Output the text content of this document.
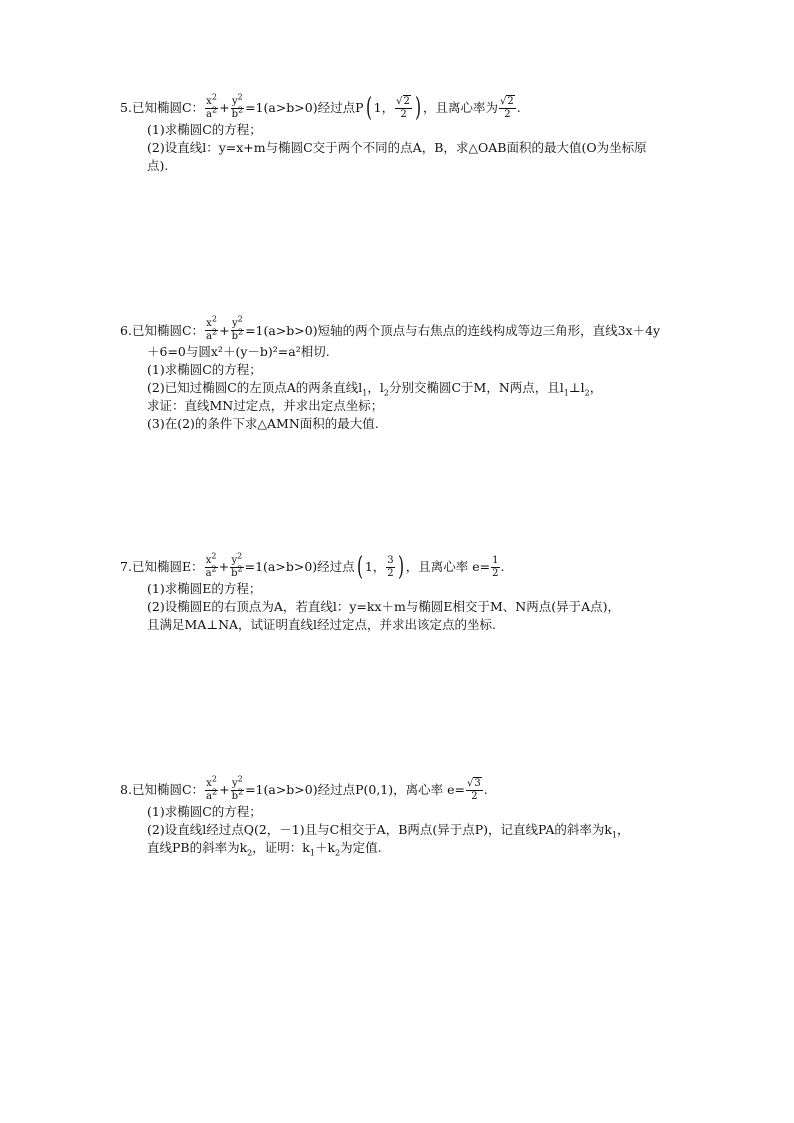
5. 已知椭圆C： $\frac{x^2}{a^2} + \frac{y^2}{b^2} =1(a>b>0)$经过点P ( 1， $\frac{√2}{2}$ ) ，且离心率为 $\frac{√2}{2}$ .
(1)求椭圆C的方程；
(2)设直线l：y=x+m与椭圆C交于两个不同的点A，B，求△OAB面积的最大值(O为坐标原
点).
6. 已知椭圆C： $\frac{x^2}{a^2} + \frac{y^2}{b^2} =1(a>b>0)$短轴的两个顶点与右焦点的连线构成等边三角形，直线3x＋4y
＋6=0与圆x²＋(y－b)²=a²相切.
(1)求椭圆C的方程；
(2)已知过椭圆C的左顶点A的两条直线$l_1$，$l_2$分别交椭圆C于M，N两点，且$l_1\perp l_2$，
求证：直线MN过定点，并求出定点坐标；
(3)在(2)的条件下求△AMN面积的最大值.
7. 已知椭圆E： $\frac{x^2}{a^2} + \frac{y^2}{b^2} =1(a>b>0)$经过点 ( 1， $\frac{3}{2}$ ) ，且离心率 $e= \frac{1}{2}$ .
(1)求椭圆E的方程；
(2)设椭圆E的右顶点为A，若直线l：y=kx＋m与椭圆E相交于M、N两点(异于A点)，
且满足MA⊥NA，试证明直线l经过定点，并求出该定点的坐标.
8. 已知椭圆C： $\frac{x^2}{a^2} + \frac{y^2}{b^2} =1(a>b>0)$经过点P(0,1)，离心率 $e= \frac{√3}{2}$ .
(1)求椭圆C的方程；
(2)设直线l经过点Q(2，－1)且与C相交于A，B两点(异于点P)，记直线PA的斜率为$k_1$，
直线PB的斜率为$k_2$，证明：$k_1+k_2$为定值.
